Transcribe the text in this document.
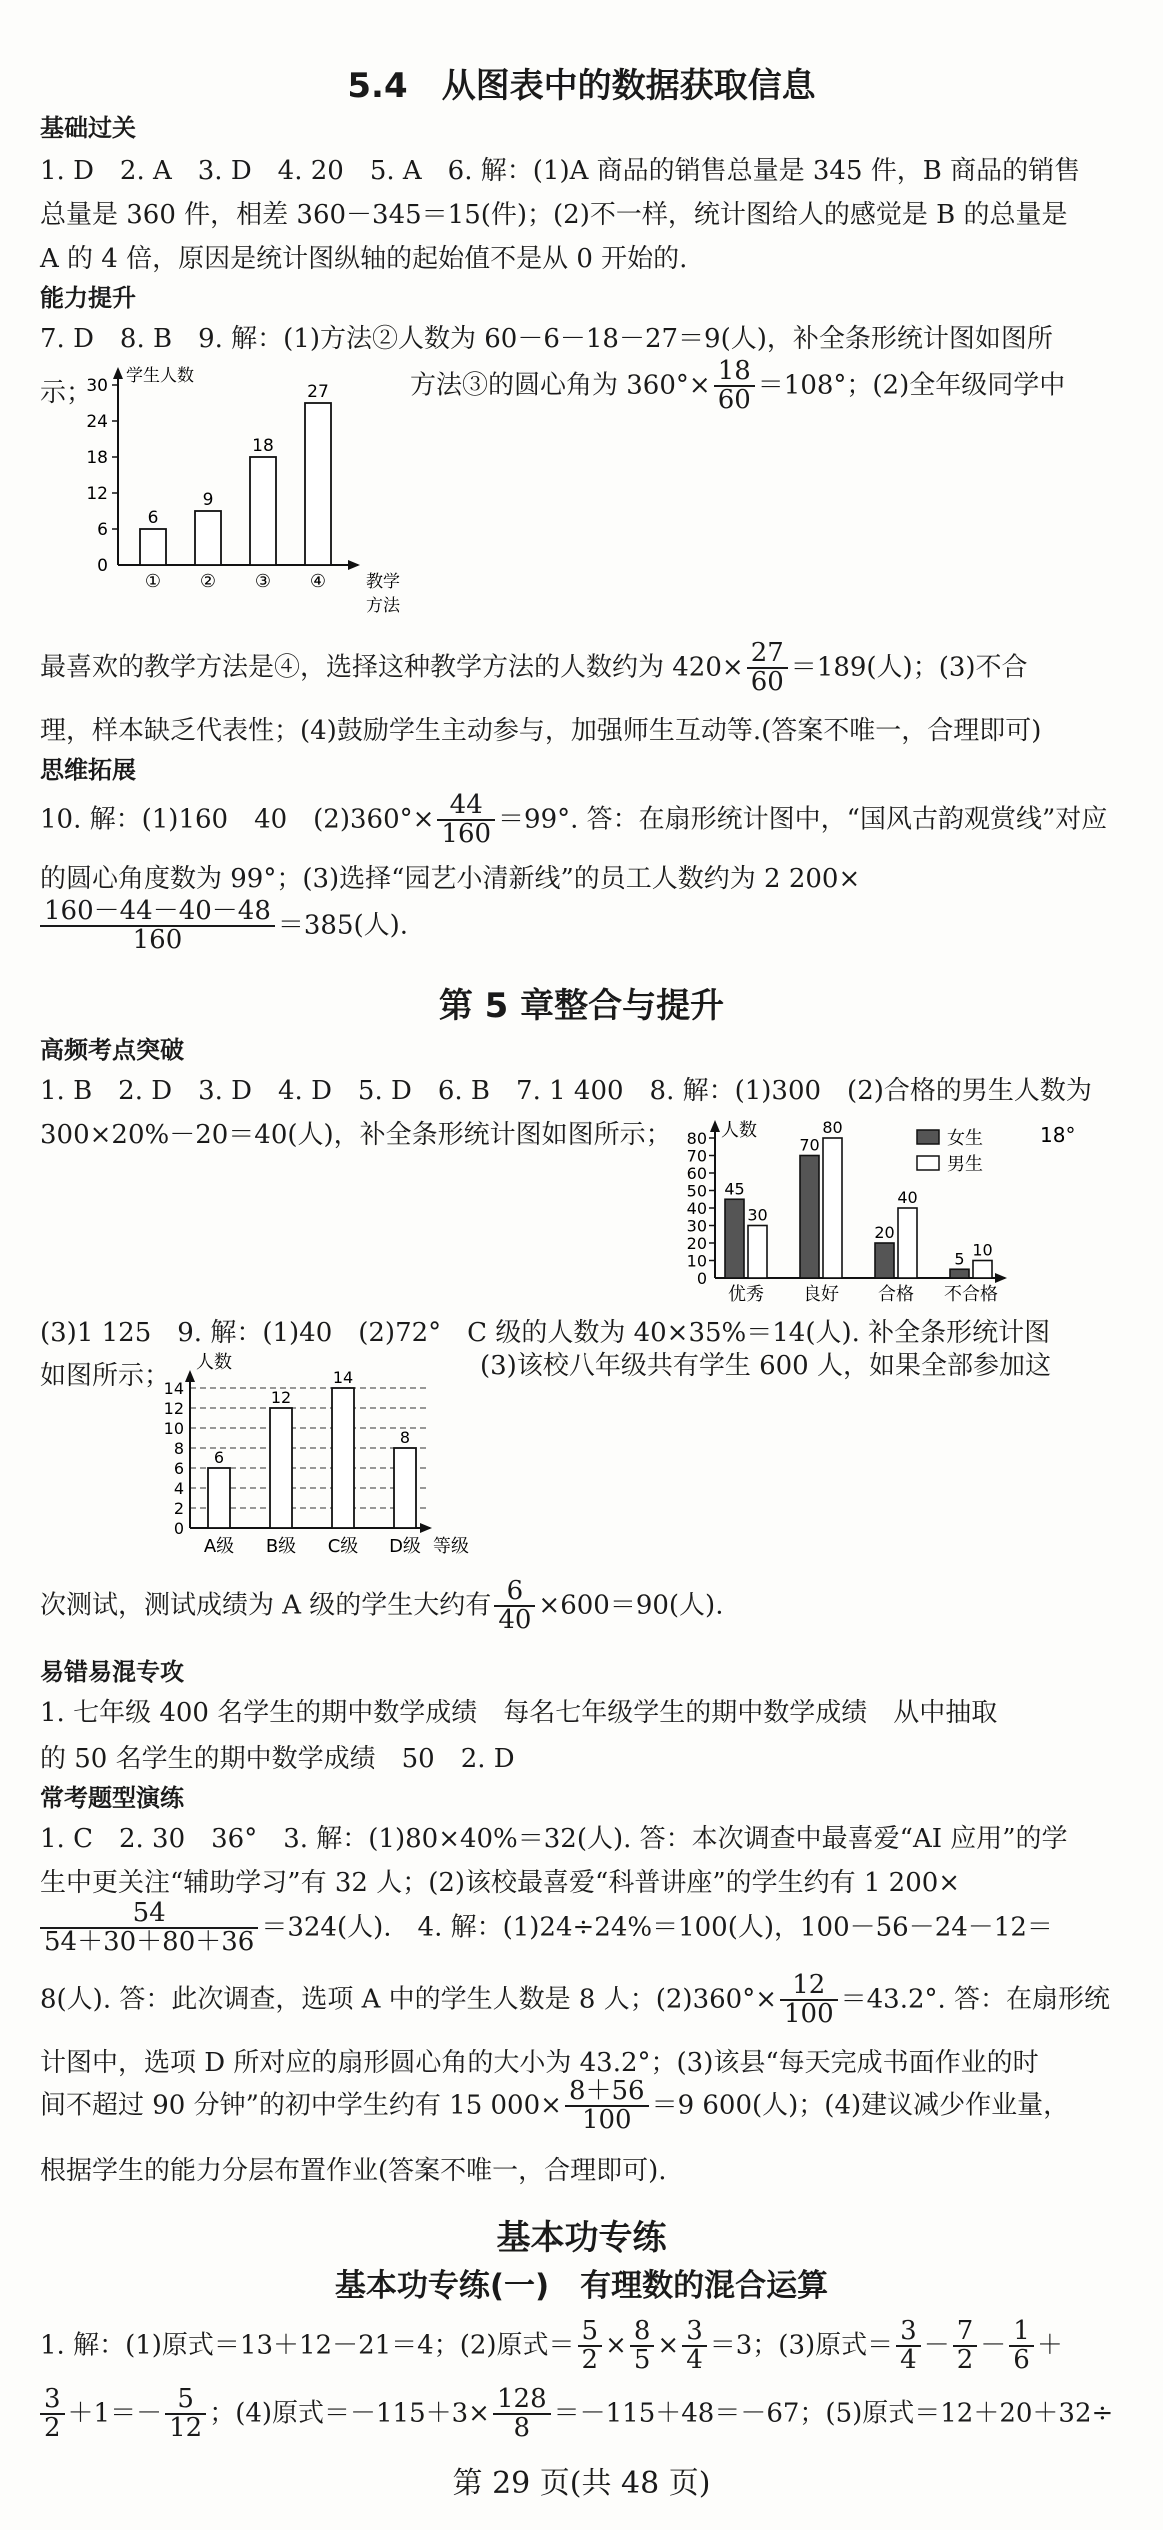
5.4　从图表中的数据获取信息
基础过关
1. D　2. A　3. D　4. 20　5. A　6. 解：(1)A 商品的销售总量是 345 件，B 商品的销售
总量是 360 件，相差 360－345＝15(件)；(2)不一样，统计图给人的感觉是 B 的总量是
A 的 4 倍，原因是统计图纵轴的起始值不是从 0 开始的.
能力提升
7. D　8. B　9. 解：(1)方法②人数为 60－6－18－27＝9(人)，补全条形统计图如图所
示；	方法③的圆心角为 $360^\circ\times \frac{18}{60} =108^\circ$；(2)全年级同学中
学生人数
6
12
18
24
30
0
6
①
9
②
18
③
27
④ 教学
方法
最喜欢的教学方法是④，选择这种教学方法的人数约为 $420\times \frac{27}{60} =189$(人)；(3)不合
理，样本缺乏代表性；(4)鼓励学生主动参与，加强师生互动等.(答案不唯一，合理即可)
思维拓展
10. 解：(1)160　40　$(2)360^\circ\times \frac{44}{160} =99^\circ$. 答：在扇形统计图中，“国风古韵观赏线”对应
的圆心角度数为 99°；(3)选择“园艺小清新线”的员工人数约为 2 200×
$\frac{160-44-40-48}{160} =385$(人).
第 5 章整合与提升
高频考点突破
1. B　2. D　3. D　4. D　5. D　6. B　7. 1 400　8. 解：(1)300　(2)合格的男生人数为
300×20%－20＝40(人)，补全条形统计图如图所示；	人数
10
20
30
40
50
60
70
80
0
45
30
优秀
70
80
良好
20
40
合格
5 10
不合格
女生
男生
18°
(3)1 125　9. 解：(1)40　(2)72°　C 级的人数为 40×35%＝14(人). 补全条形统计图
如图所示；	(3)该校八年级共有学生 600 人，如果全部参加这
2
4
6
8
10
12
14
0
人数
6
A级
12
B级
14
C级
8
D级 等级
次测试，测试成绩为 A 级的学生大约有 $\frac{6}{40} \times 600=90$(人).
易错易混专攻
1. 七年级 400 名学生的期中数学成绩　每名七年级学生的期中数学成绩　从中抽取
的 50 名学生的期中数学成绩　50　2. D
常考题型演练
1. C　2. 30　36°　3. 解：(1)80×40%＝32(人). 答：本次调查中最喜爱“AI 应用”的学
生中更关注“辅助学习”有 32 人；(2)该校最喜爱“科普讲座”的学生约有 1 200×
$\frac{54}{54+30+80+36} =324$(人).　4. 解：(1)24÷24%＝100(人)，100－56－24－12＝
8(人). 答：此次调查，选项 A 中的学生人数是 8 人；$(2)360^\circ\times \frac{12}{100} =43.2^\circ$. 答：在扇形统
计图中，选项 D 所对应的扇形圆心角的大小为 43.2°；(3)该县“每天完成书面作业的时
间不超过 90 分钟”的初中学生约有 15 $000\times \frac{8+56}{100} =9$ 600(人)；(4)建议减少作业量，
根据学生的能力分层布置作业(答案不唯一，合理即可).
基本功专练
基本功专练(一)　有理数的混合运算
1. 解：(1)原式＝13＋12－21＝4；(2)原式＝ $\frac{5}{2} \times \frac{8}{5} \times \frac{3}{4} =3$；(3)原式＝ $\frac{3}{4} - \frac{7}{2} - \frac{1}{6}$ ＋
$\frac{3}{2} +1=- \frac{5}{12}$ ；(4)原式$=-115+3\times \frac{128}{8} =-115+48=-67$；(5)原式＝12＋20＋32÷
第 29 页(共 48 页)
